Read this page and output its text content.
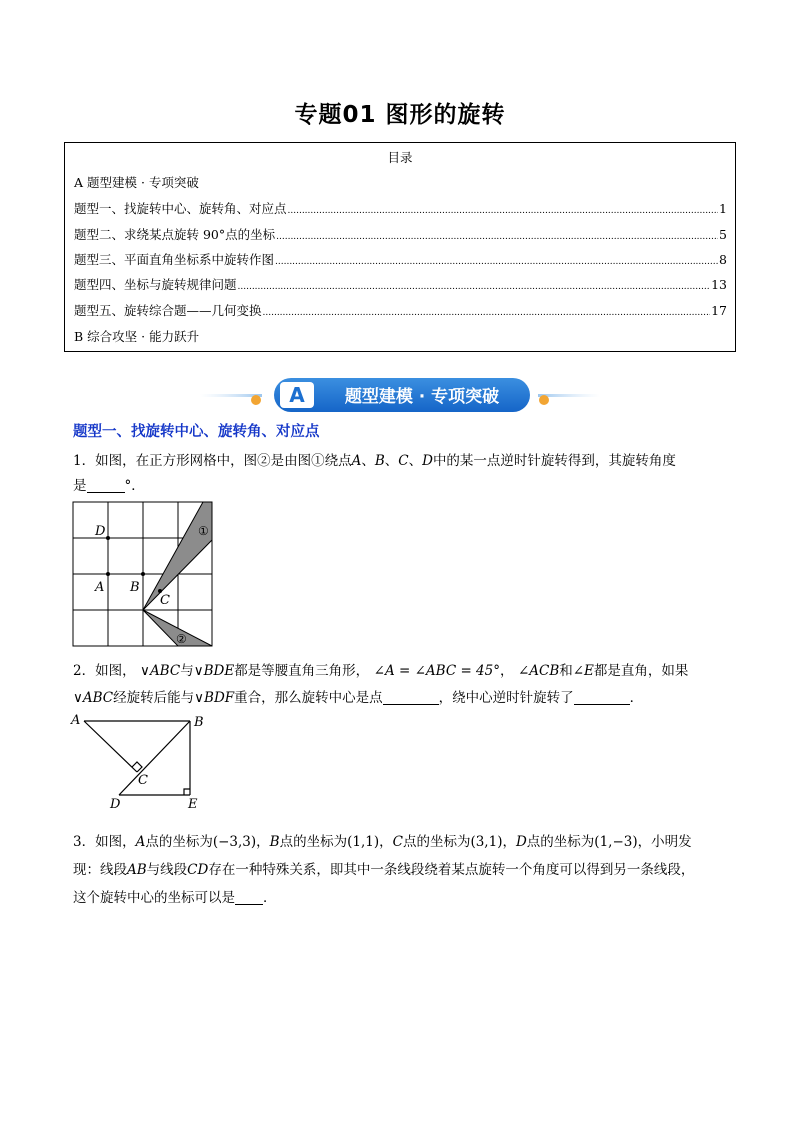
专题01 图形的旋转
目录
A 题型建模 · 专项突破
题型一、找旋转中心、旋转角、对应点 .....	1
题型二、求绕某点旋转 90°点的坐标 .....	5
题型三、平面直角坐标系中旋转作图 .....	8
题型四、坐标与旋转规律问题 .....	13
题型五、旋转综合题——几何变换 .....	17
B 综合攻坚 · 能力跃升
A 题型建模 · 专项突破
题型一、找旋转中心、旋转角、对应点
1．如图，在正方形网格中，图②是由图①绕点A、B、C、D中的某一点逆时针旋转得到，其旋转角度
是	°．
D
A B
C
①
②
2．如图， ∨ABC与∨BDE都是等腰直角三角形，  ∠A = ∠ABC = 45°，  ∠ACB和∠E都是直角，如果
∨ABC经旋转后能与∨BDF重合，那么旋转中心是点	，绕中心逆时针旋转了	．
A	B
C
D	E
3．如图，A点的坐标为(−3,3)，B点的坐标为(1,1)，C点的坐标为(3,1)，D点的坐标为(1,−3)，小明发
现：线段AB与线段CD存在一种特殊关系，即其中一条线段绕着某点旋转一个角度可以得到另一条线段，
这个旋转中心的坐标可以是 ．
